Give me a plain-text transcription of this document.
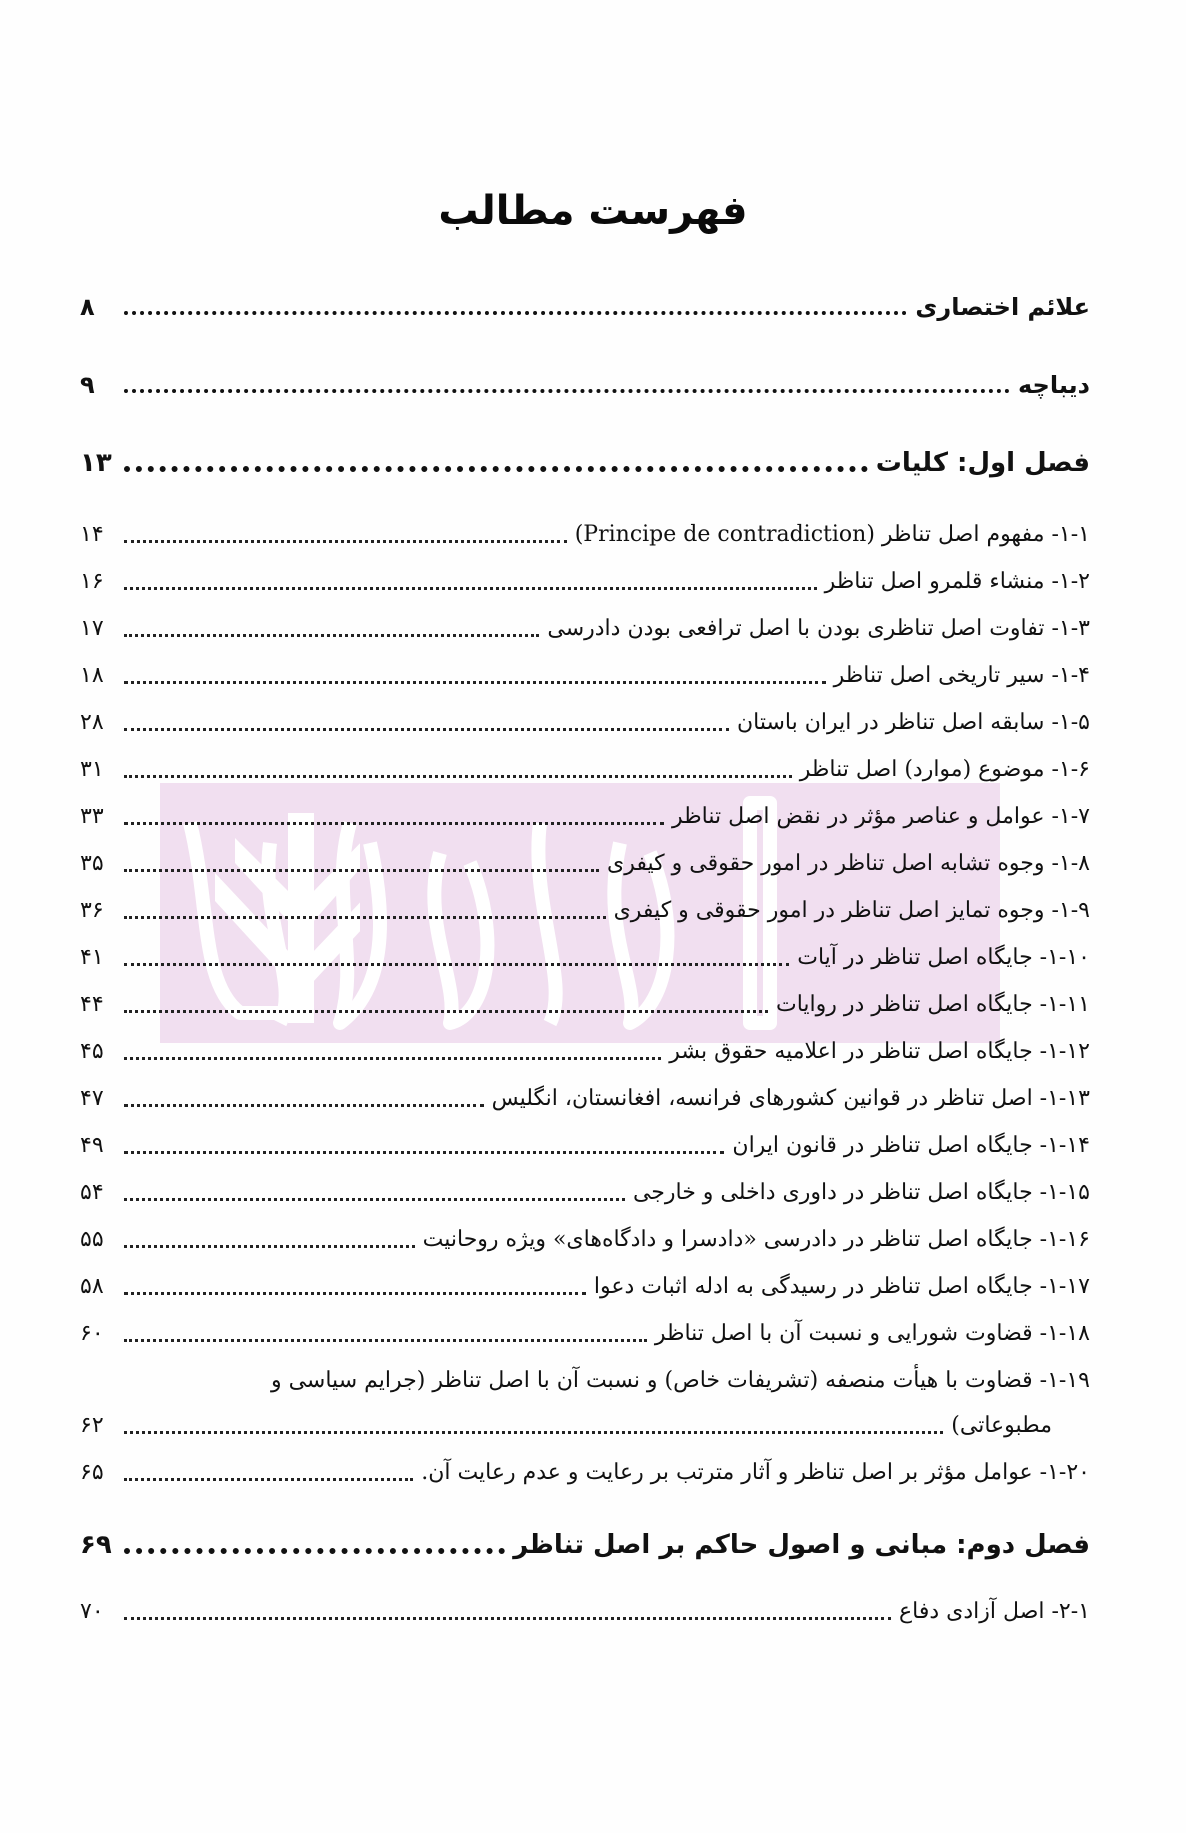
فهرست مطالب
علائم اختصاری
۸
دیباچه
۹
فصل اول: کلیات
۱۳
۱-۱- مفهوم اصل تناظر (Principe de contradiction)
۱۴
۱-۲- منشاء قلمرو اصل تناظر
۱۶
۱-۳- تفاوت اصل تناظری بودن با اصل ترافعی بودن دادرسی
۱۷
۱-۴- سیر تاریخی اصل تناظر
۱۸
۱-۵- سابقه اصل تناظر در ایران باستان
۲۸
۱-۶- موضوع (موارد) اصل تناظر
۳۱
۱-۷- عوامل و عناصر مؤثر در نقض اصل تناظر
۳۳
۱-۸- وجوه تشابه اصل تناظر در امور حقوقی و کیفری
۳۵
۱-۹- وجوه تمایز اصل تناظر در امور حقوقی و کیفری
۳۶
۱-۱۰- جایگاه اصل تناظر در آیات
۴۱
۱-۱۱- جایگاه اصل تناظر در روایات
۴۴
۱-۱۲- جایگاه اصل تناظر در اعلامیه حقوق بشر
۴۵
۱-۱۳- اصل تناظر در قوانین کشورهای فرانسه، افغانستان، انگلیس
۴۷
۱-۱۴- جایگاه اصل تناظر در قانون ایران
۴۹
۱-۱۵- جایگاه اصل تناظر در داوری داخلی و خارجی
۵۴
۱-۱۶- جایگاه اصل تناظر در دادرسی «دادسرا و دادگاه‌های» ویژه روحانیت
۵۵
۱-۱۷- جایگاه اصل تناظر در رسیدگی به ادله اثبات دعوا
۵۸
۱-۱۸- قضاوت شورایی و نسبت آن با اصل تناظر
۶۰
۱-۱۹- قضاوت با هیأت منصفه (تشریفات خاص) و نسبت آن با اصل تناظر (جرایم سیاسی و
مطبوعاتی)
۶۲
۱-۲۰- عوامل مؤثر بر اصل تناظر و آثار مترتب بر رعایت و عدم رعایت آن.
۶۵
فصل دوم: مبانی و اصول حاکم بر اصل تناظر
۶۹
۲-۱- اصل آزادی دفاع
۷۰
